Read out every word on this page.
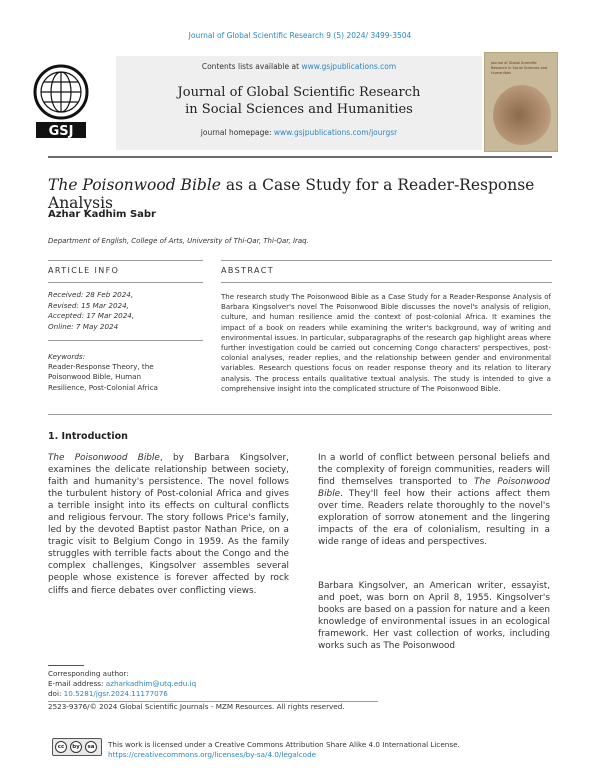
Journal of Global Scientific Research 9 (5) 2024/ 3499-3504
GSJ
Contents lists available at www.gsjpublications.com
Journal of Global Scientific Research
in Social Sciences and Humanities
journal homepage: www.gsjpublications.com/jourgsr
Journal of Global Scientific Research in Social Sciences and Humanities
The Poisonwood Bible as a Case Study for a Reader-Response Analysis
Azhar Kadhim Sabr
Department of English, College of Arts, University of Thi-Qar, Thi-Qar, Iraq.
ARTICLE INFO	ABSTRACT
Received: 28 Feb 2024,
Revised: 15 Mar 2024,
Accepted: 17 Mar 2024,
Online: 7 May 2024
Keywords:
Reader-Response Theory, the Poisonwood Bible, Human Resilience, Post-Colonial Africa
The research study The Poisonwood Bible as a Case Study for a Reader-Response Analysis of Barbara Kingsolver's novel The Poisonwood Bible discusses the novel's analysis of religion, culture, and human resilience amid the context of post-colonial Africa. It examines the impact of a book on readers while examining the writer's background, way of writing and environmental issues. In particular, subparagraphs of the research gap highlight areas where further investigation could be carried out concerning Congo characters' perspectives, post-colonial analyses, reader replies, and the relationship between gender and environmental variables. Research questions focus on reader response theory and its relation to literary analysis. The process entails qualitative textual analysis. The study is intended to give a comprehensive insight into the complicated structure of The Poisonwood Bible.
1. Introduction
The Poisonwood Bible, by Barbara Kingsolver, examines the delicate relationship between society, faith and humanity's persistence. The novel follows the turbulent history of Post-colonial Africa and gives a terrible insight into its effects on cultural conflicts and religious fervour. The story follows Price's family, led by the devoted Baptist pastor Nathan Price, on a tragic visit to Belgium Congo in 1959. As the family struggles with terrible facts about the Congo and the complex challenges, Kingsolver assembles several people whose existence is forever affected by rock cliffs and fierce debates over conflicting views.
In a world of conflict between personal beliefs and the complexity of foreign communities, readers will find themselves transported to The Poisonwood Bible. They'll feel how their actions affect them over time. Readers relate thoroughly to the novel's exploration of sorrow atonement and the lingering impacts of the era of colonialism, resulting in a wide range of ideas and perspectives.
Barbara Kingsolver, an American writer, essayist, and poet, was born on April 8, 1955. Kingsolver's books are based on a passion for nature and a keen knowledge of environmental issues in an ecological framework. Her vast collection of works, including works such as The Poisonwood
Corresponding author:
E-mail address: azharkadhim@utq.edu.iq
doi: 10.5281/jgsr.2024.11177076
2523-9376/© 2024 Global Scientific Journals - MZM Resources. All rights reserved.
cc	by	sa	This work is licensed under a Creative Commons Attribution Share Alike 4.0 International License.
https://creativecommons.org/licenses/by-sa/4.0/legalcode
